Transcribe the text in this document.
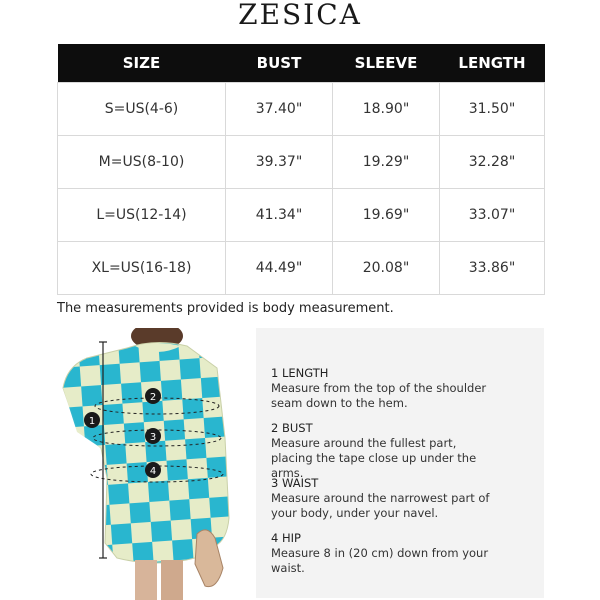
ZESICA
SIZE	BUST	SLEEVE	LENGTH
S=US(4-6)	37.40"	18.90"	31.50"
M=US(8-10)	39.37"	19.29"	32.28"
L=US(12-14)	41.34"	19.69"	33.07"
XL=US(16-18)	44.49"	20.08"	33.86"
The measurements provided is body measurement.
1
2
3
4
1 LENGTH
Measure from the top of the shoulder seam down to the hem.
2 BUST
Measure around the fullest part, placing the tape close up under the arms.
3 WAIST
Measure around the narrowest part of your body, under your navel.
4 HIP
Measure 8 in (20 cm) down from your waist.
